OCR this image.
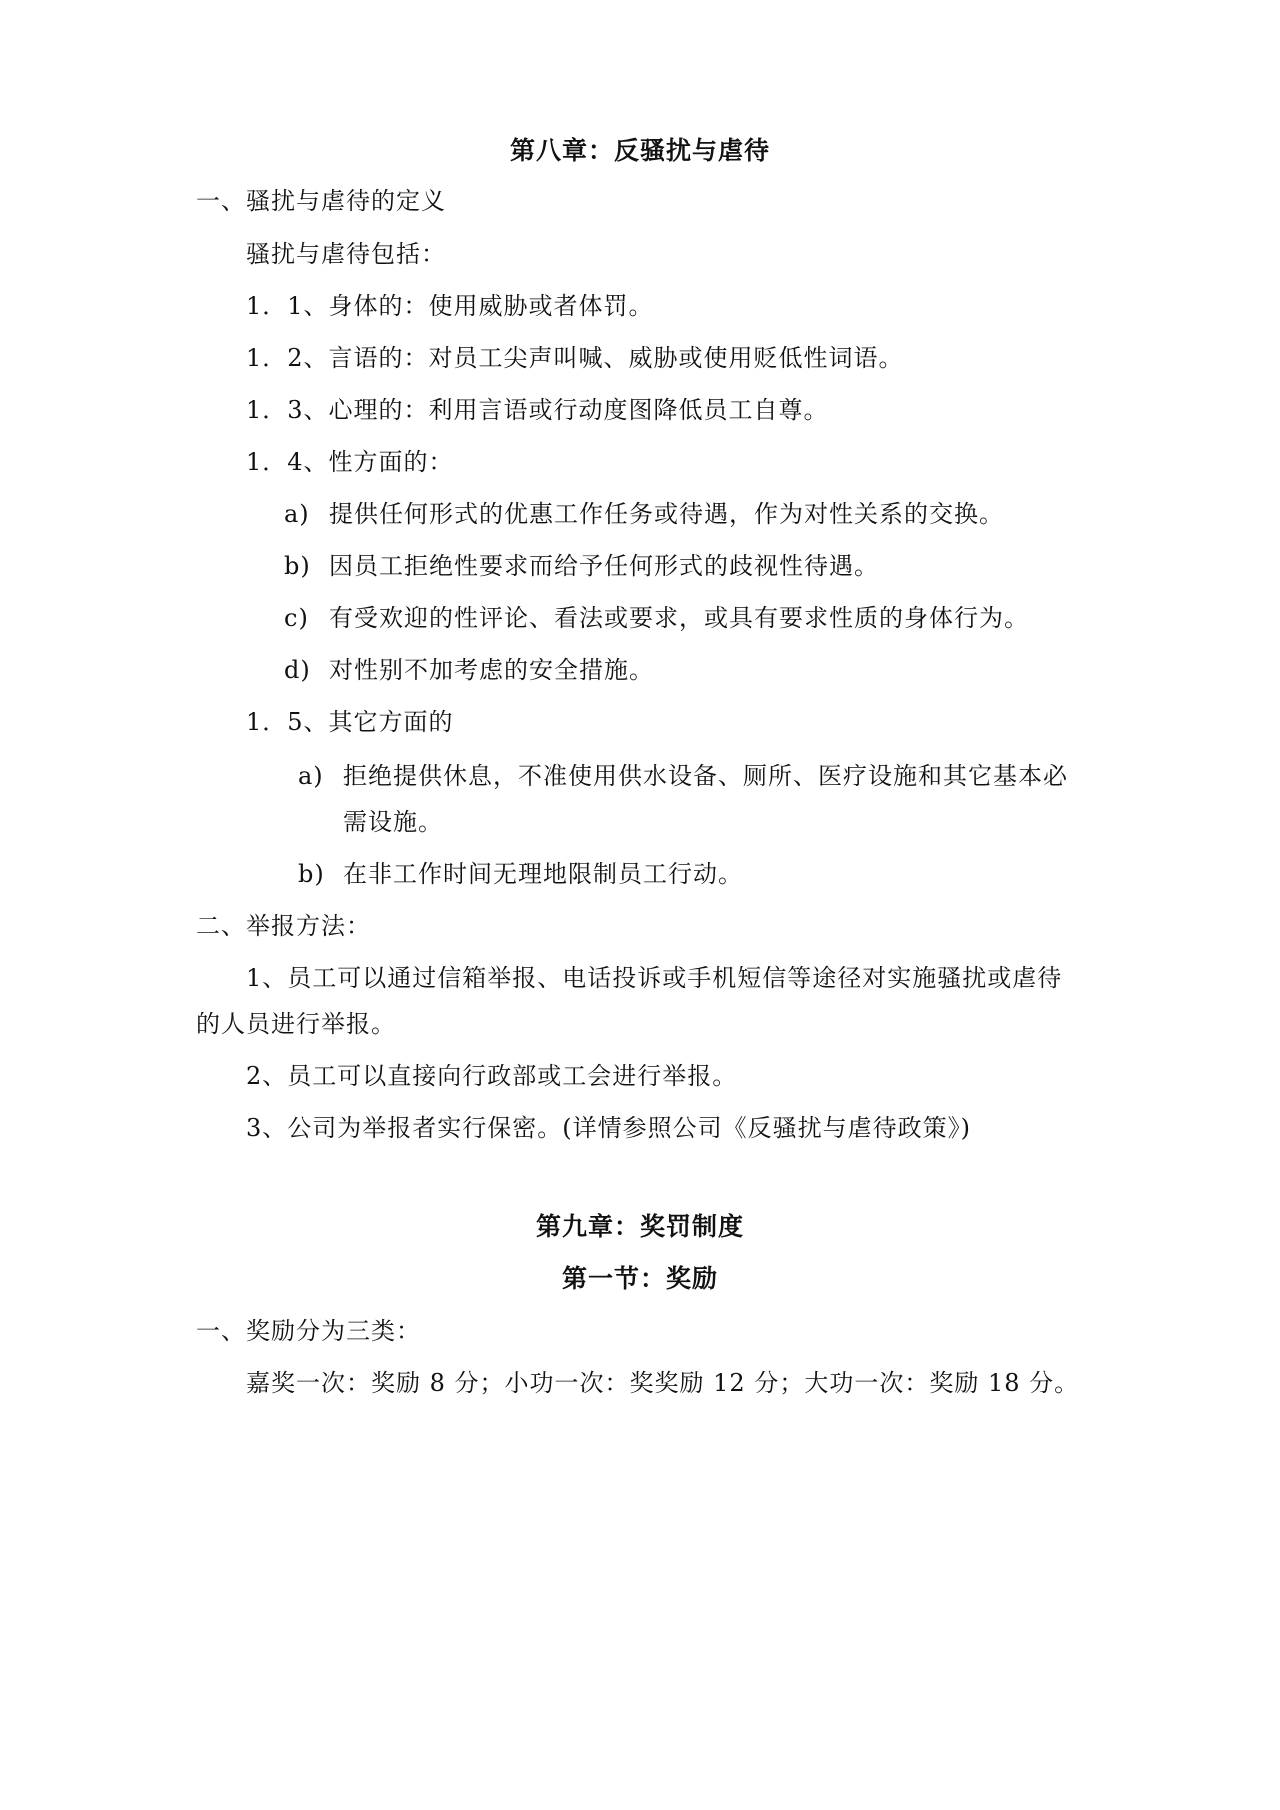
第八章：反骚扰与虐待
一、骚扰与虐待的定义
骚扰与虐待包括：
1．1、身体的：使用威胁或者体罚。
1．2、言语的：对员工尖声叫喊、威胁或使用贬低性词语。
1．3、心理的：利用言语或行动度图降低员工自尊。
1．4、性方面的：
a) 提供任何形式的优惠工作任务或待遇，作为对性关系的交换。
b) 因员工拒绝性要求而给予任何形式的歧视性待遇。
c) 有受欢迎的性评论、看法或要求，或具有要求性质的身体行为。
d) 对性别不加考虑的安全措施。
1．5、其它方面的
a) 拒绝提供休息，不准使用供水设备、厕所、医疗设施和其它基本必
需设施。
b) 在非工作时间无理地限制员工行动。
二、举报方法：
1、员工可以通过信箱举报、电话投诉或手机短信等途径对实施骚扰或虐待
的人员进行举报。
2、员工可以直接向行政部或工会进行举报。
3、公司为举报者实行保密。(详情参照公司《反骚扰与虐待政策》)
第九章：奖罚制度
第一节：奖励
一、奖励分为三类：
嘉奖一次：奖励 8 分；小功一次：奖奖励 12 分；大功一次：奖励 18 分。
